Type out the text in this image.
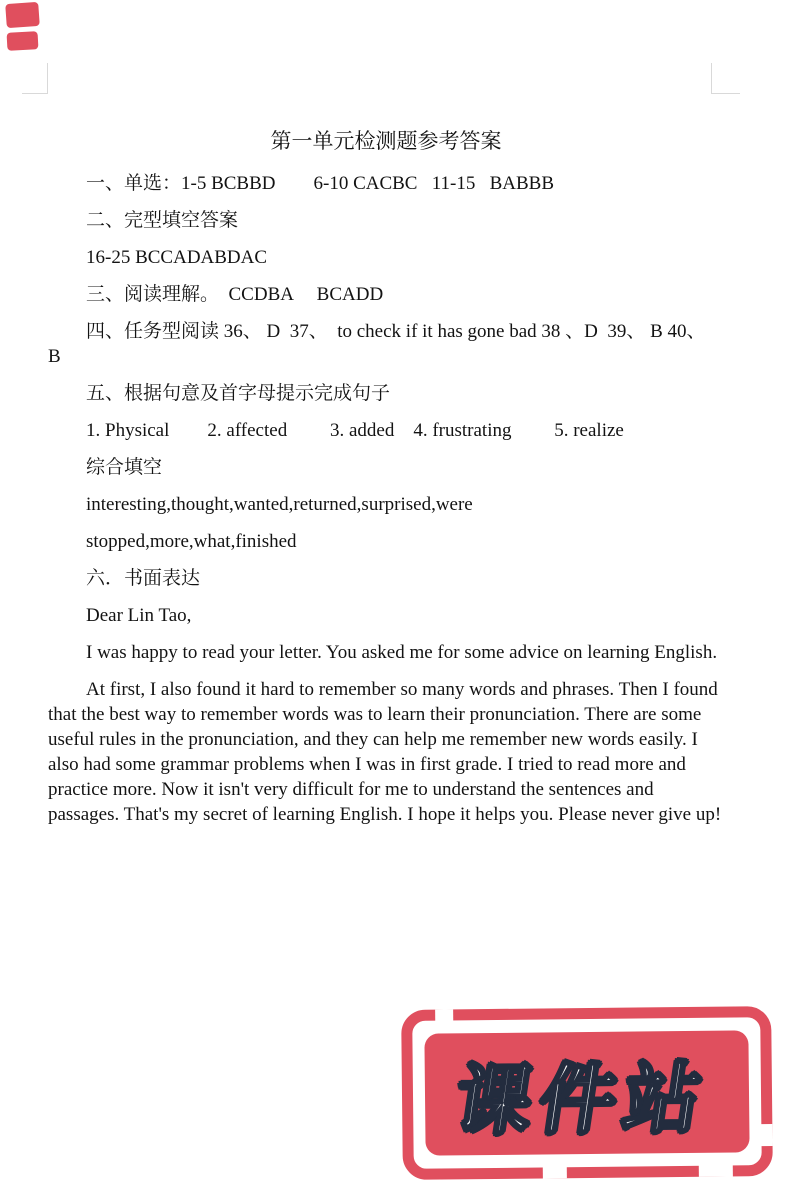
第一单元检测题参考答案

一、单选：1-5 BCBBD        6-10 CACBC   11-15   BABBB

二、完型填空答案

16-25 BCCADABDAC

三、阅读理解。  CCDBA     BCADD

四、任务型阅读 36、 D  37、  to check if it has gone bad 38 、D  39、 B 40、

B

五、根据句意及首字母提示完成句子

1. Physical        2. affected         3. added    4. frustrating         5. realize

综合填空

interesting,thought,wanted,returned,surprised,were

stopped,more,what,finished

六．书面表达

Dear Lin Tao,

I was happy to read your letter. You asked me for some advice on learning English.

At first, I also found it hard to remember so many words and phrases. Then I found that the best way to remember words was to learn their pronunciation. There are some useful rules in the pronunciation, and they can help me remember new words easily. I also had some grammar problems when I was in first grade. I tried to read more and practice more. Now it isn't very difficult for me to understand the sentences and passages. That's my secret of learning English. I hope it helps you. Please never give up!

课件站
